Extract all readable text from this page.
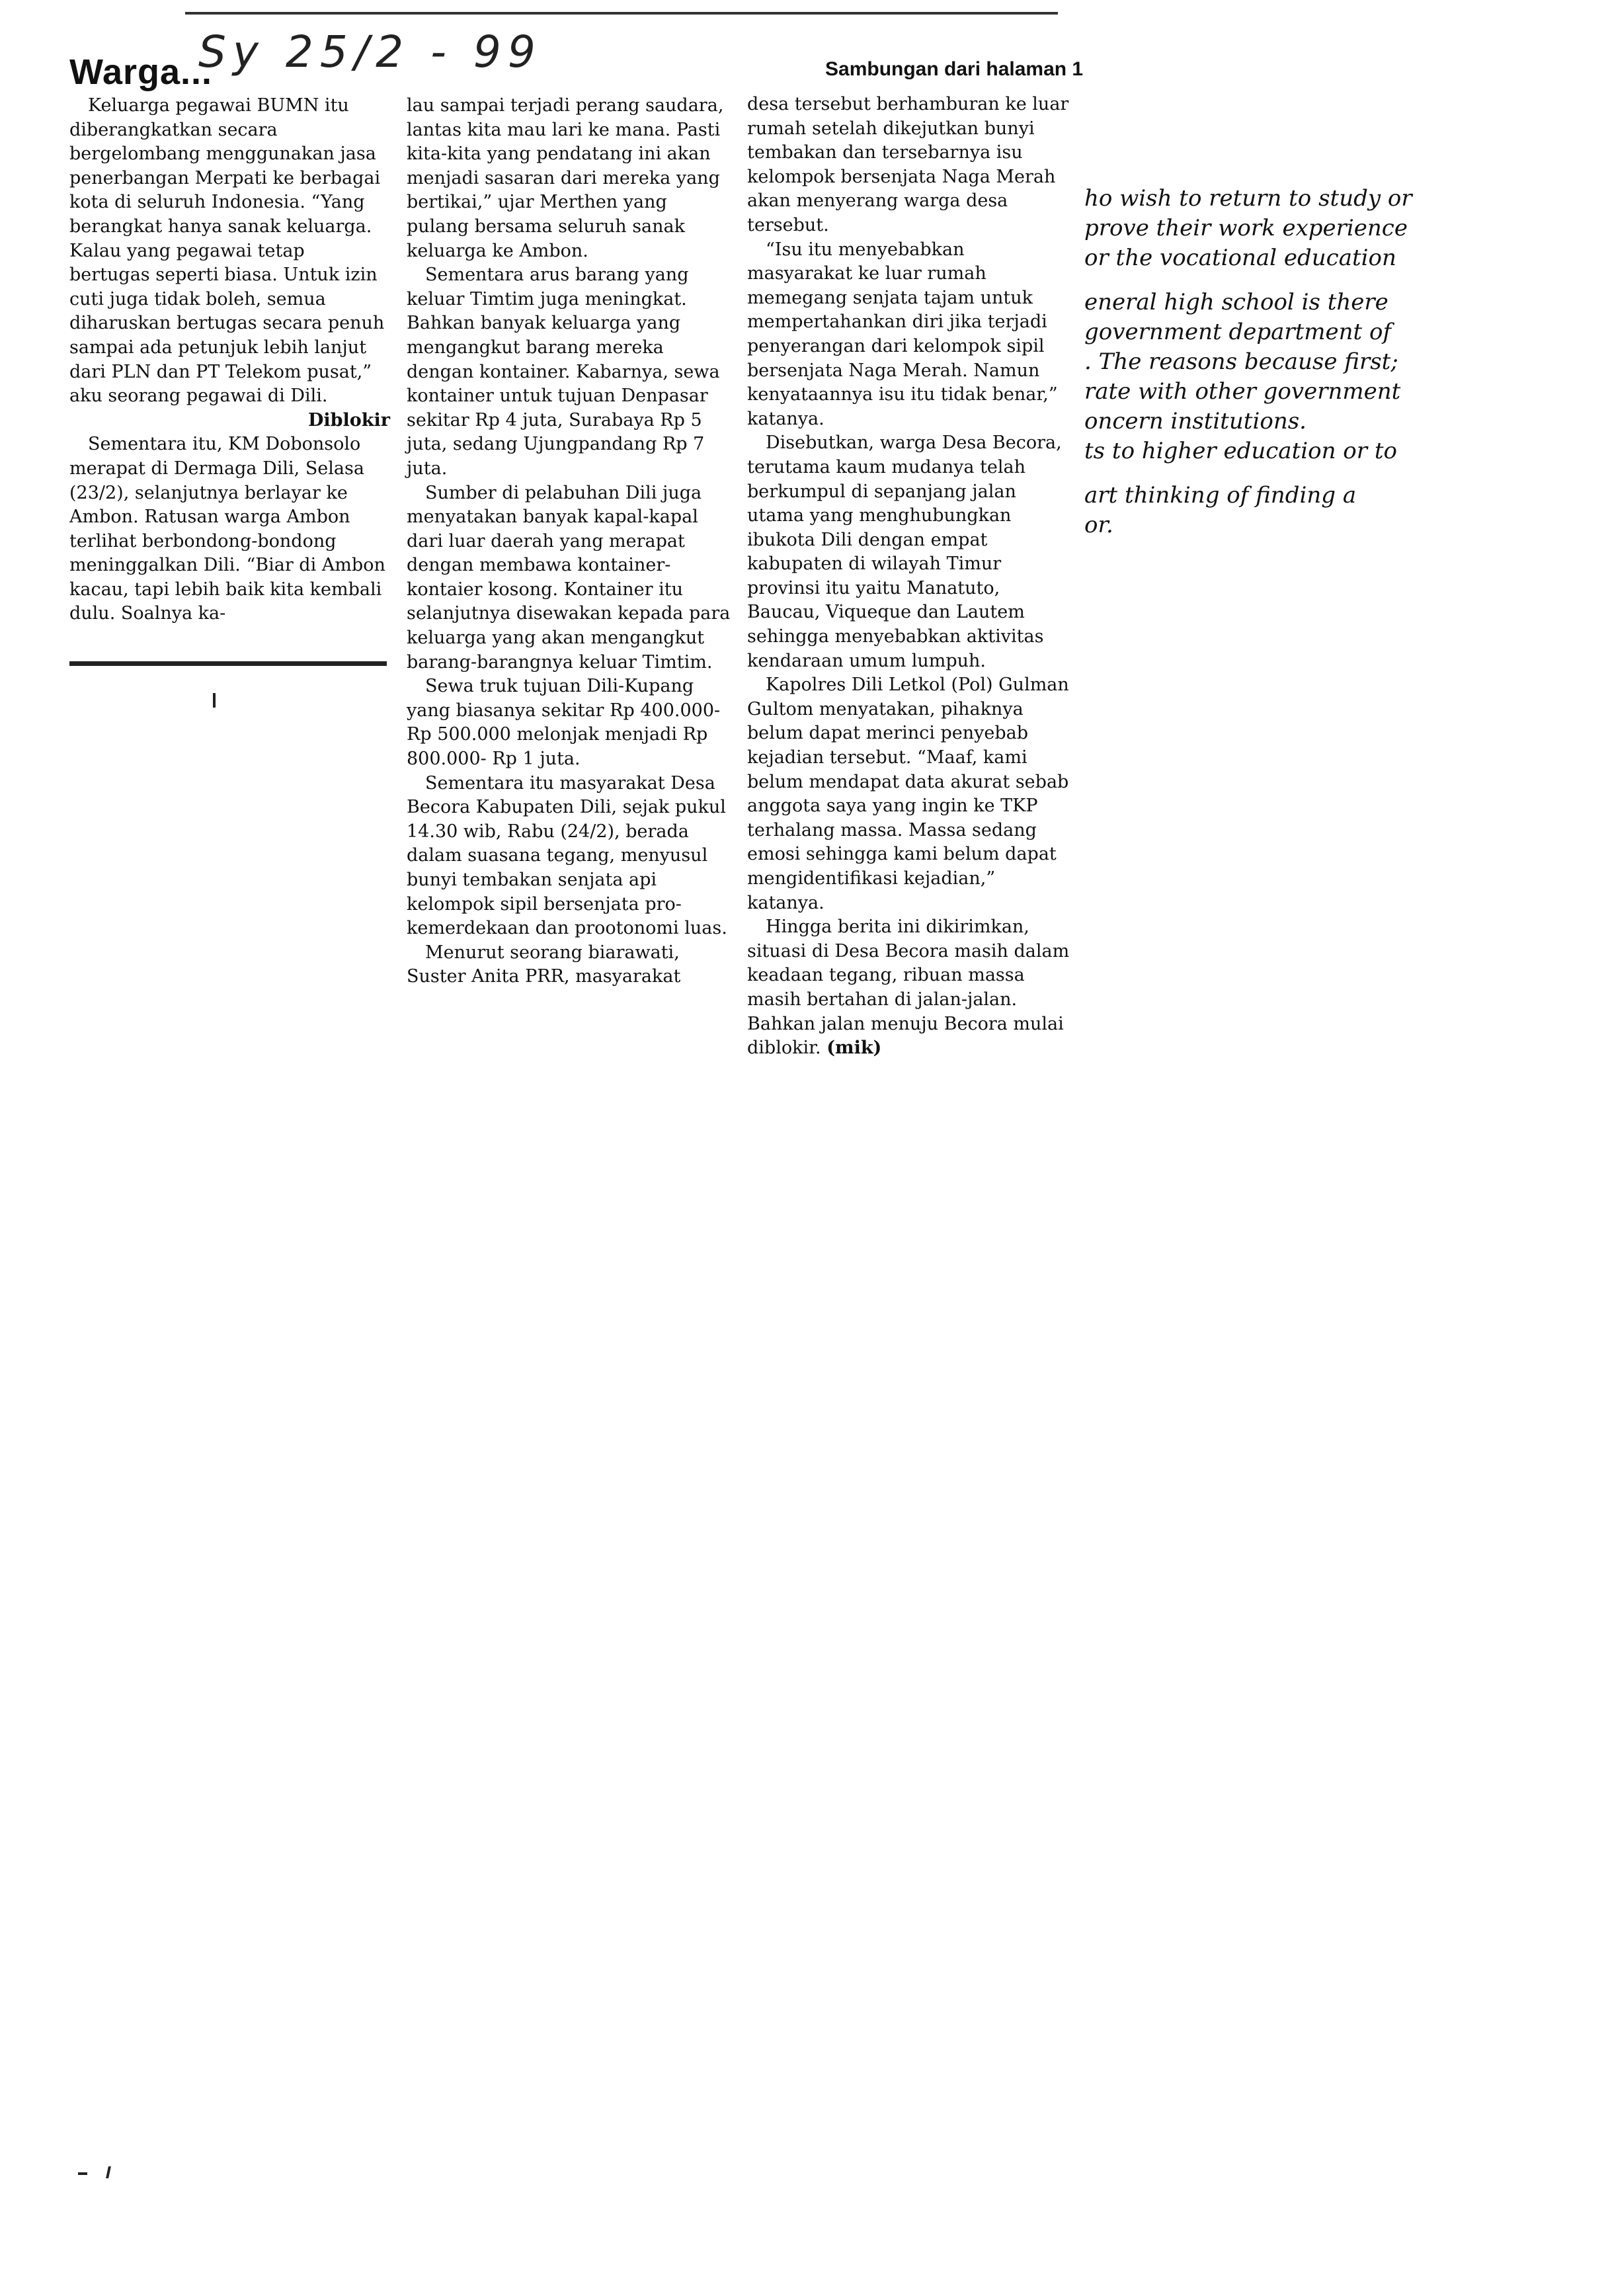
Warga...
Sy 25/2 - 99	Sambungan dari halaman 1

Keluarga pegawai BUMN itu diberangkatkan secara bergelombang menggunakan jasa penerbangan Merpati ke berbagai kota di seluruh Indonesia. “Yang berangkat hanya sanak keluarga. Kalau yang pegawai tetap bertugas seperti biasa. Untuk izin cuti juga tidak boleh, semua diharuskan bertugas secara penuh sampai ada petunjuk lebih lanjut dari PLN dan PT Telekom pusat,” aku seorang pegawai di Dili.

Diblokir

Sementara itu, KM Dobonsolo merapat di Dermaga Dili, Selasa (23/2), selanjutnya berlayar ke Ambon. Ratusan warga Ambon terlihat berbondong-bondong meninggalkan Dili. “Biar di Ambon kacau, tapi lebih baik kita kembali dulu. Soalnya ka-

lau sampai terjadi perang saudara, lantas kita mau lari ke mana. Pasti kita-kita yang pendatang ini akan menjadi sasaran dari mereka yang bertikai,” ujar Merthen yang pulang bersama seluruh sanak keluarga ke Ambon.

Sementara arus barang yang keluar Timtim juga meningkat. Bahkan banyak keluarga yang mengangkut barang mereka dengan kontainer. Kabarnya, sewa kontainer untuk tujuan Denpasar sekitar Rp 4 juta, Surabaya Rp 5 juta, sedang Ujungpandang Rp 7 juta.

Sumber di pelabuhan Dili juga menyatakan banyak kapal-kapal dari luar daerah yang merapat dengan membawa kontainer-kontaier kosong. Kontainer itu selanjutnya disewakan kepada para keluarga yang akan mengangkut barang-barangnya keluar Timtim.

Sewa truk tujuan Dili-Kupang yang biasanya sekitar Rp 400.000-Rp 500.000 melonjak menjadi Rp 800.000- Rp 1 juta.

Sementara itu masyarakat Desa Becora Kabupaten Dili, sejak pukul 14.30 wib, Rabu (24/2), berada dalam suasana tegang, menyusul bunyi tembakan senjata api kelompok sipil bersenjata pro-kemerdekaan dan prootonomi luas.

Menurut seorang biarawati, Suster Anita PRR, masyarakat

desa tersebut berhamburan ke luar rumah setelah dikejutkan bunyi tembakan dan tersebarnya isu kelompok bersenjata Naga Merah akan menyerang warga desa tersebut.

“Isu itu menyebabkan masyarakat ke luar rumah memegang senjata tajam untuk mempertahankan diri jika terjadi penyerangan dari kelompok sipil bersenjata Naga Merah. Namun kenyataannya isu itu tidak benar,” katanya.

Disebutkan, warga Desa Becora, terutama kaum mudanya telah berkumpul di sepanjang jalan utama yang menghubungkan ibukota Dili dengan empat kabupaten di wilayah Timur provinsi itu yaitu Manatuto, Baucau, Viqueque dan Lautem sehingga menyebabkan aktivitas kendaraan umum lumpuh.

Kapolres Dili Letkol (Pol) Gulman Gultom menyatakan, pihaknya belum dapat merinci penyebab kejadian tersebut. “Maaf, kami belum mendapat data akurat sebab anggota saya yang ingin ke TKP terhalang massa. Massa sedang emosi sehingga kami belum dapat mengidentifikasi kejadian,” katanya.

Hingga berita ini dikirimkan, situasi di Desa Becora masih dalam keadaan tegang, ribuan massa masih bertahan di jalan-jalan. Bahkan jalan menuju Becora mulai diblokir. (mik)

ho wish to return to study or
prove their work experience
or the vocational education
eneral high school is there
government department of
. The reasons because first;
rate with other government
oncern institutions.
ts to higher education or to
art thinking of finding a
or.
